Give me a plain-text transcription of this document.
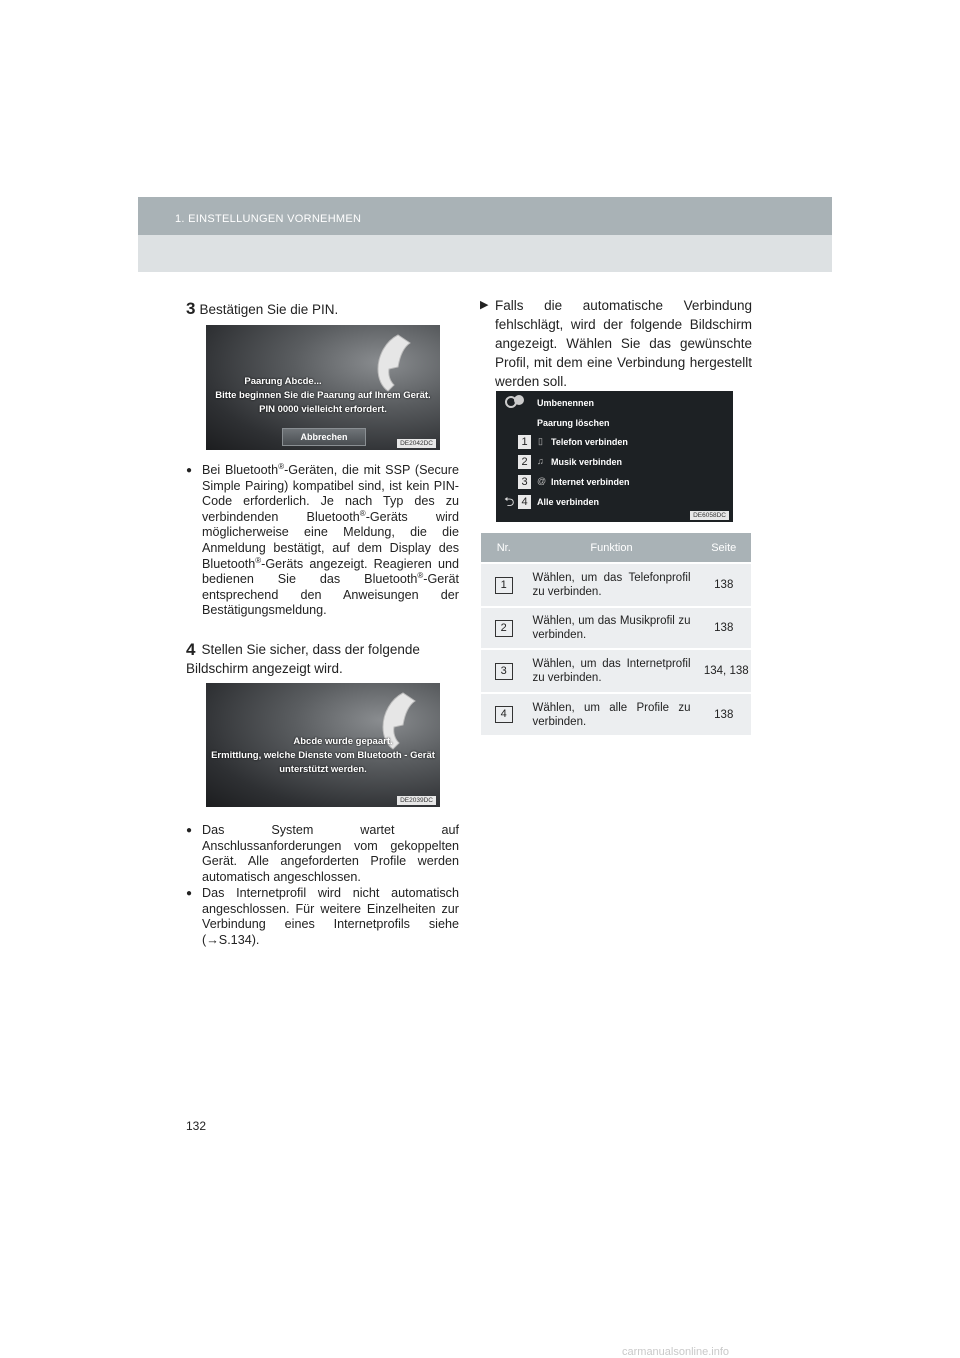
1. EINSTELLUNGEN VORNEHMEN
3 Bestätigen Sie die PIN.
Paarung Abcde...
Bitte beginnen Sie die Paarung auf Ihrem Gerät.
PIN 0000 vielleicht erfordert.
Abbrechen
DE2042DC
● Bei Bluetooth®-Geräten, die mit SSP (Secure Simple Pairing) kompatibel sind, ist kein PIN-Code erforderlich. Je nach Typ des zu verbindenden Bluetooth®-Geräts wird möglicherweise eine Meldung, die die Anmeldung bestätigt, auf dem Display des Bluetooth®-Geräts angezeigt. Reagieren und bedienen Sie das Bluetooth®-Gerät entsprechend den Anweisungen der Bestätigungsmeldung.
4 Stellen Sie sicher, dass der folgende Bildschirm angezeigt wird.
Abcde wurde gepaart.
Ermittlung, welche Dienste vom Bluetooth - Gerät
unterstützt werden.
DE2039DC
● Das System wartet auf Anschlussanforderungen vom gekoppelten Gerät. Alle angeforderten Profile werden automatisch angeschlossen.
● Das Internetprofil wird nicht automatisch angeschlossen. Für weitere Einzelheiten zur Verbindung eines Internetprofils siehe (→S.134).
▶ Falls die automatische Verbindung fehlschlägt, wird der folgende Bildschirm angezeigt. Wählen Sie das gewünschte Profil, mit dem eine Verbindung hergestellt werden soll.
Umbenennen
Paarung löschen
1	▯ Telefon verbinden
2	♫ Musik verbinden
3	@ Internet verbinden
⮌ 4	Alle verbinden
DE6058DC
Nr.	Funktion	Seite
1	Wählen, um das Telefonprofil zu verbinden.	138
2	Wählen, um das Musikprofil zu verbinden.	138
3	Wählen, um das Internetprofil zu verbinden.	134, 138
4	Wählen, um alle Profile zu verbinden.	138
132
carmanualsonline.info
